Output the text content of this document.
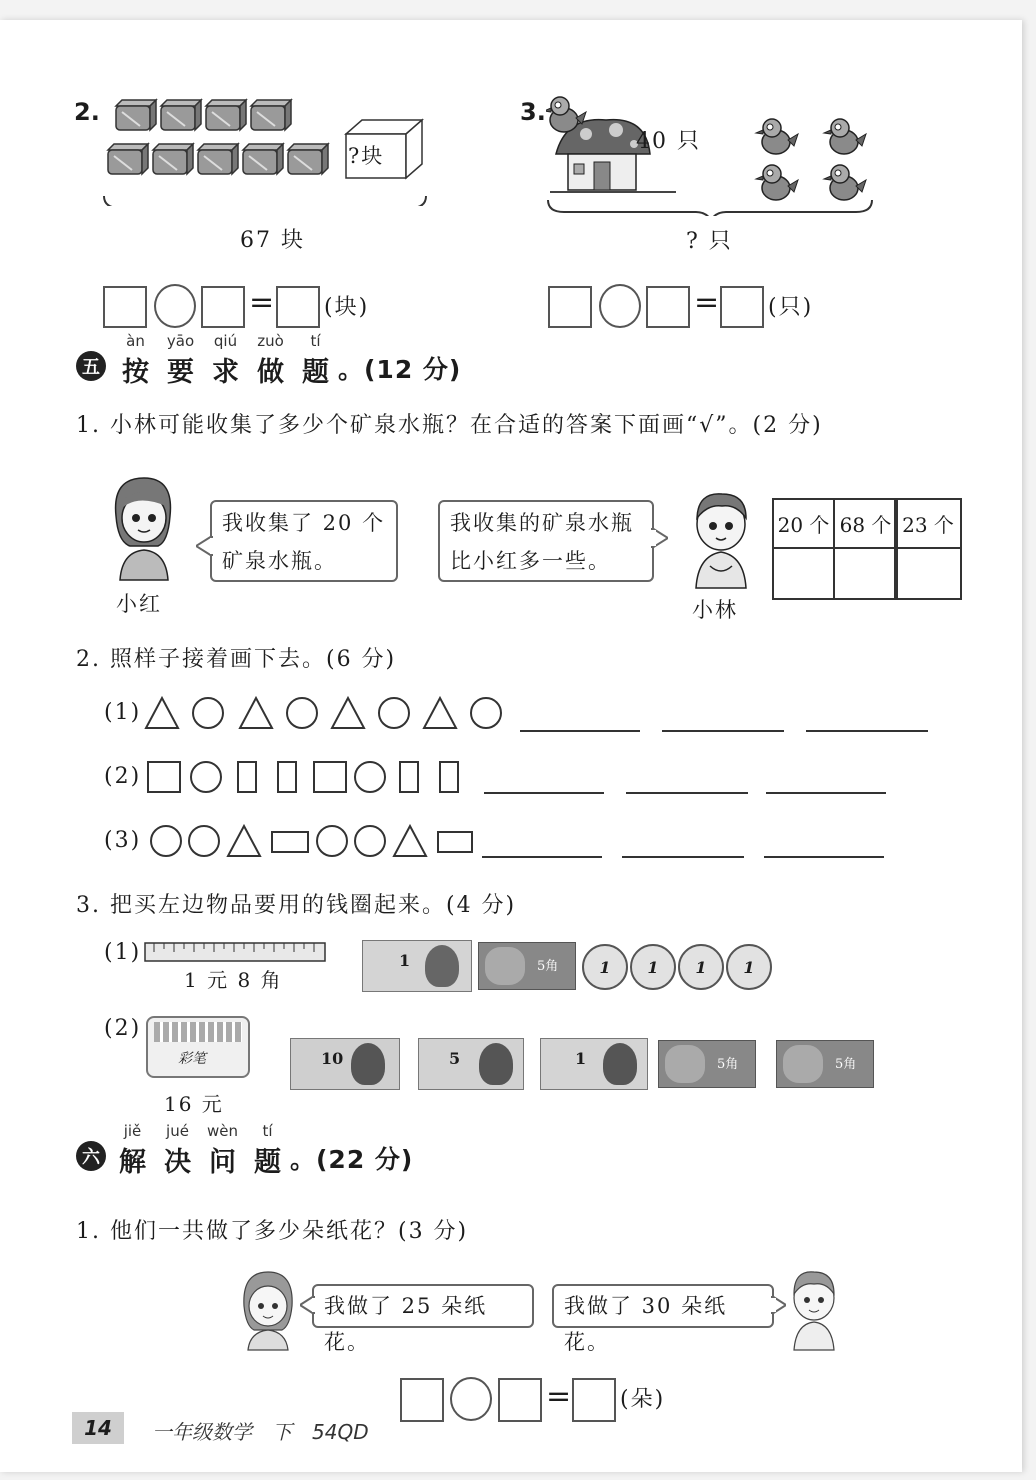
2.
?块
67 块
= (块)
3.
40 只
? 只
= (只)
五
àn
按
yāo
要
qiú
求
zuò
做
tí
题 。(12 分)
1. 小林可能收集了多少个矿泉水瓶？在合适的答案下面画“√”。(2 分)
小红
我收集了 20 个
矿泉水瓶。
我收集的矿泉水瓶
比小红多一些。
小林
20 个 68 个 23 个
2. 照样子接着画下去。(6 分)
(1)
(2)
(3)
3. 把买左边物品要用的钱圈起来。(4 分)
(1)
1 元 8 角
1	5角	1 1 1 1
(2)
彩笔
16 元
10	5	1	5角	5角
六
jiě
解
jué
决
wèn
问
tí
题 。(22 分)
1. 他们一共做了多少朵纸花？(3 分)
我做了 25 朵纸花。
我做了 30 朵纸花。
= (朵)
14	一年级数学　下　54QD
